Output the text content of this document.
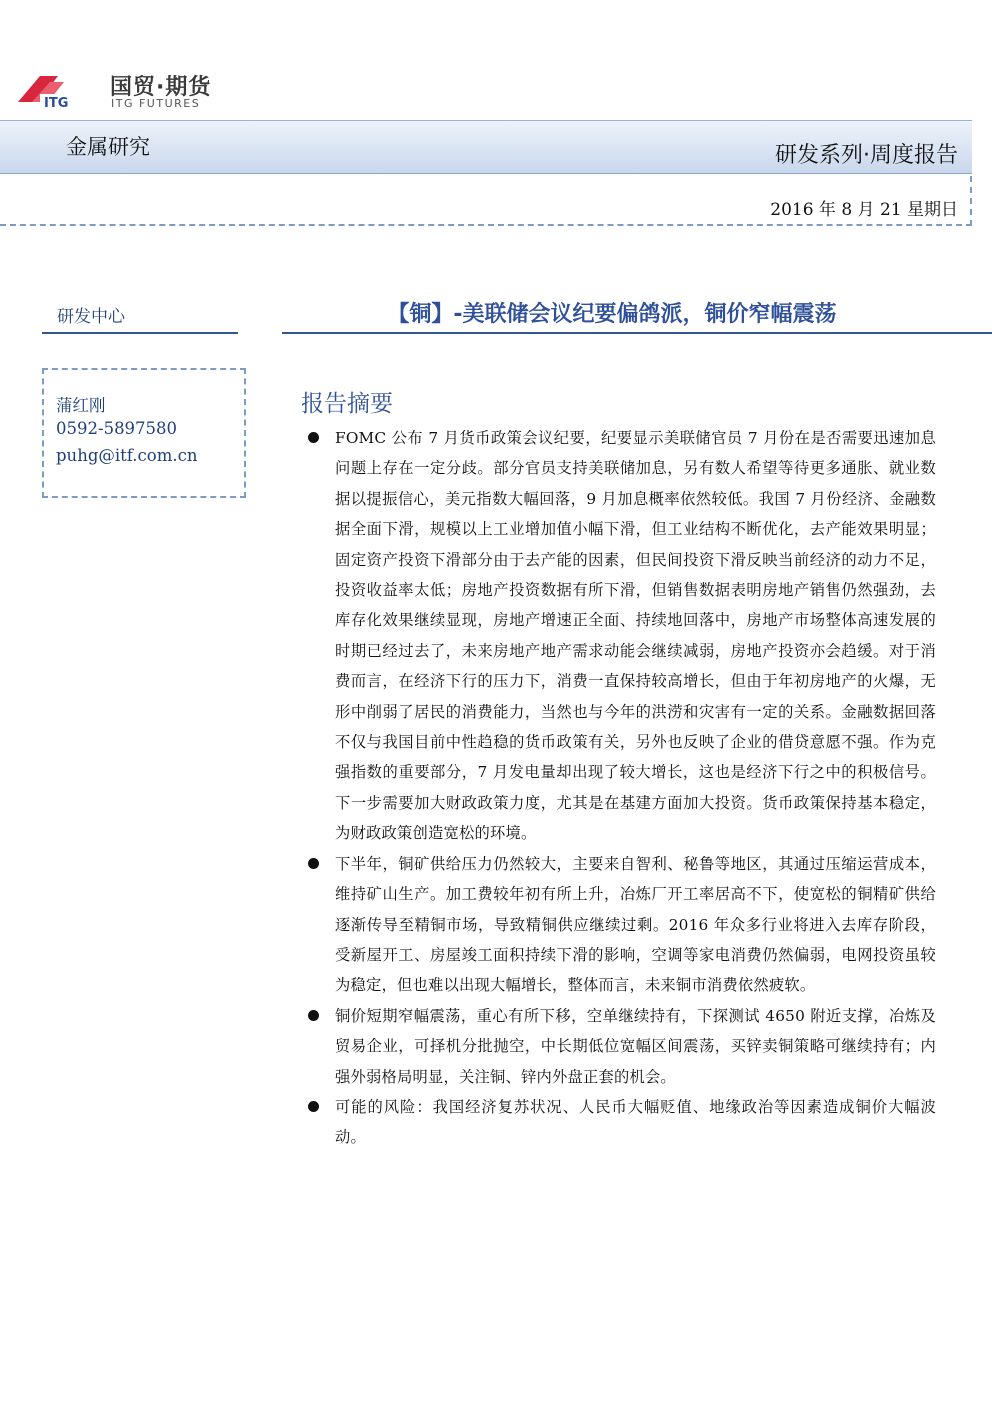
ITG
国贸·期货
ITG FUTURES
金属研究	研发系列·周度报告
2016 年 8 月 21 星期日
研发中心	【铜】-美联储会议纪要偏鸽派，铜价窄幅震荡
蒲红刚
0592-5897580
puhg@itf.com.cn
报告摘要
FOMC 公布 7 月货币政策会议纪要，纪要显示美联储官员 7 月份在是否需要迅速加息问题上存在一定分歧。部分官员支持美联储加息，另有数人希望等待更多通胀、就业数据以提振信心，美元指数大幅回落，9 月加息概率依然较低。我国 7 月份经济、金融数据全面下滑，规模以上工业增加值小幅下滑，但工业结构不断优化，去产能效果明显；固定资产投资下滑部分由于去产能的因素，但民间投资下滑反映当前经济的动力不足，投资收益率太低；房地产投资数据有所下滑，但销售数据表明房地产销售仍然强劲，去库存化效果继续显现，房地产增速正全面、持续地回落中，房地产市场整体高速发展的时期已经过去了，未来房地产地产需求动能会继续减弱，房地产投资亦会趋缓。对于消费而言，在经济下行的压力下，消费一直保持较高增长，但由于年初房地产的火爆，无形中削弱了居民的消费能力，当然也与今年的洪涝和灾害有一定的关系。金融数据回落不仅与我国目前中性趋稳的货币政策有关，另外也反映了企业的借贷意愿不强。作为克强指数的重要部分，7 月发电量却出现了较大增长，这也是经济下行之中的积极信号。下一步需要加大财政政策力度，尤其是在基建方面加大投资。货币政策保持基本稳定，为财政政策创造宽松的环境。
下半年，铜矿供给压力仍然较大，主要来自智利、秘鲁等地区，其通过压缩运营成本，维持矿山生产。加工费较年初有所上升，冶炼厂开工率居高不下，使宽松的铜精矿供给逐渐传导至精铜市场，导致精铜供应继续过剩。2016 年众多行业将进入去库存阶段，受新屋开工、房屋竣工面积持续下滑的影响，空调等家电消费仍然偏弱，电网投资虽较为稳定，但也难以出现大幅增长，整体而言，未来铜市消费依然疲软。
铜价短期窄幅震荡，重心有所下移，空单继续持有，下探测试 4650 附近支撑，冶炼及贸易企业，可择机分批抛空，中长期低位宽幅区间震荡，买锌卖铜策略可继续持有；内强外弱格局明显，关注铜、锌内外盘正套的机会。
可能的风险：我国经济复苏状况、人民币大幅贬值、地缘政治等因素造成铜价大幅波动。
